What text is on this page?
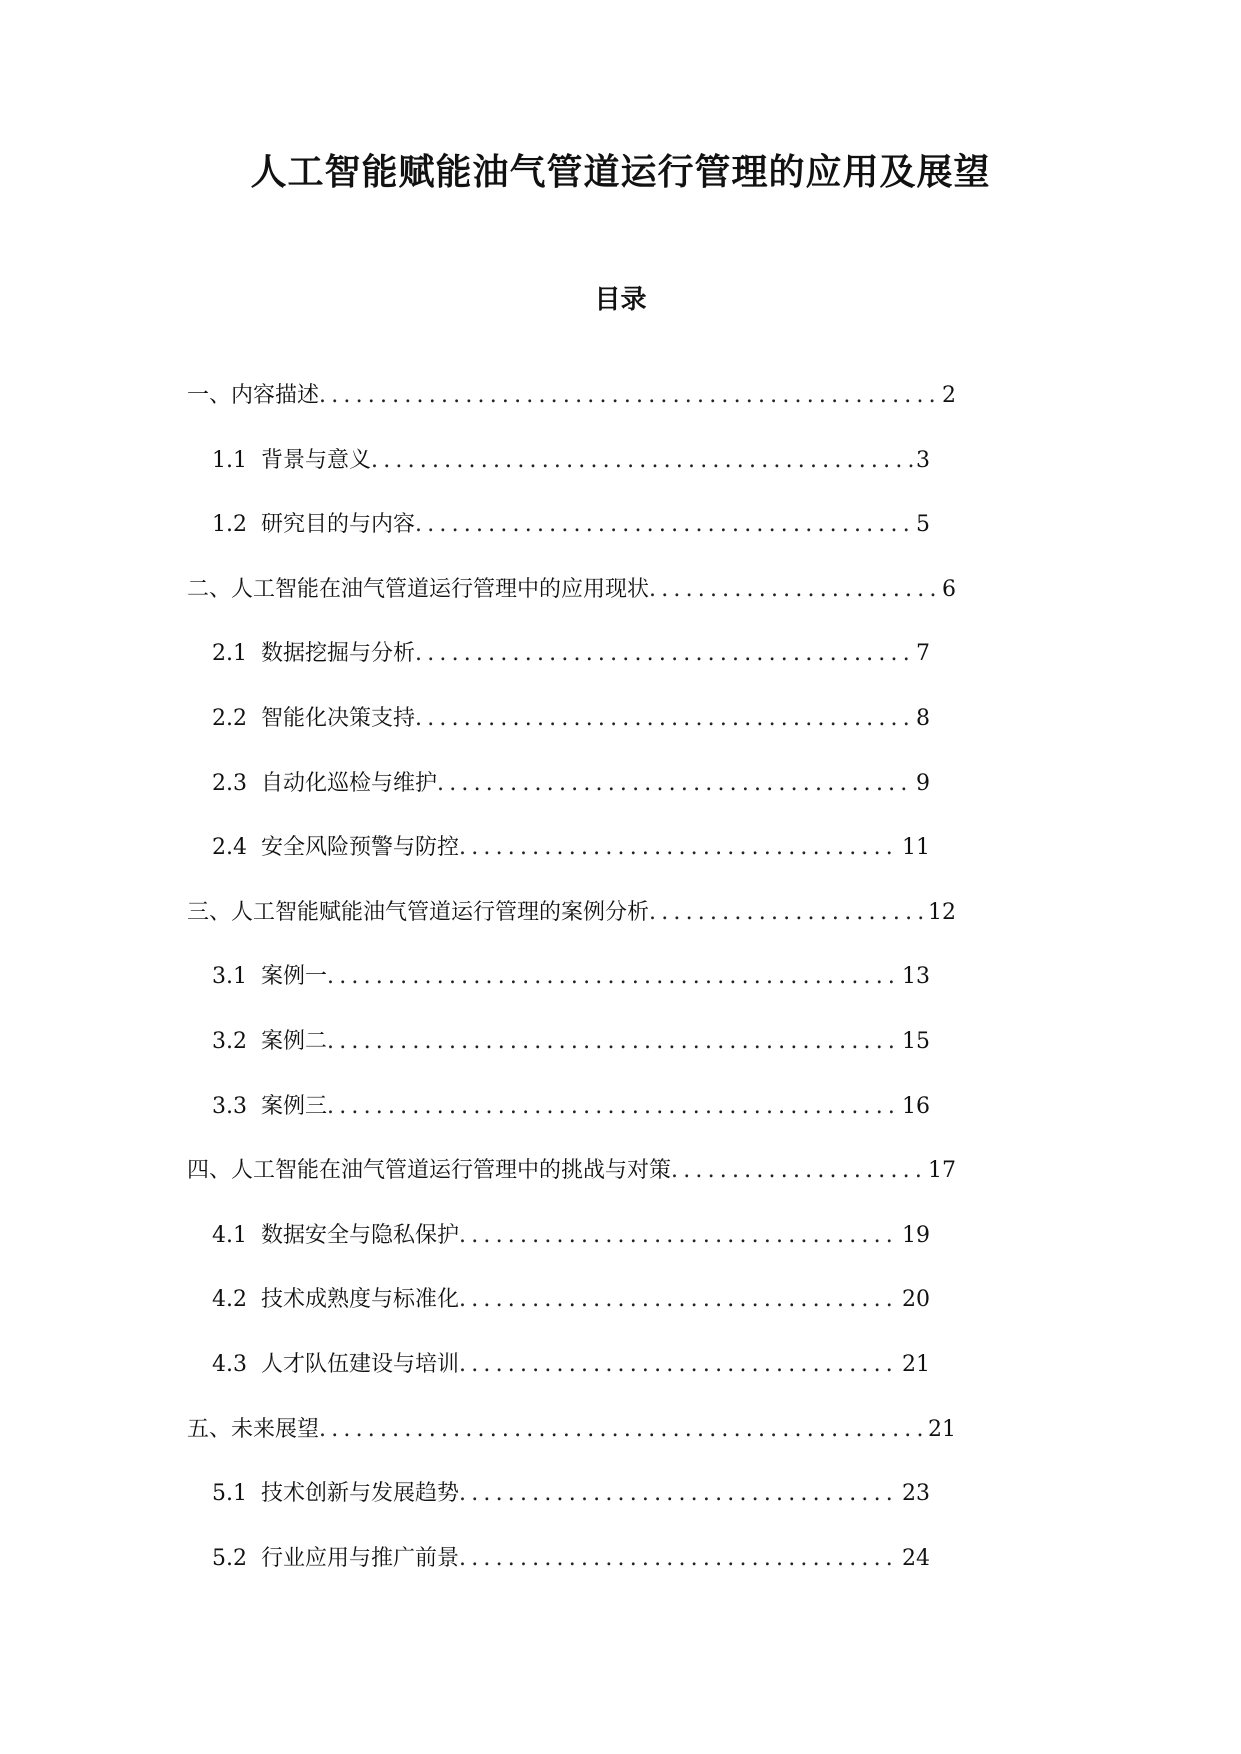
人工智能赋能油气管道运行管理的应用及展望
目录
一、内容描述 .....	2
1.1 背景与意义 .....	3
1.2 研究目的与内容 .....	5
二、人工智能在油气管道运行管理中的应用现状 .....	6
2.1 数据挖掘与分析 .....	7
2.2 智能化决策支持 .....	8
2.3 自动化巡检与维护 .....	9
2.4 安全风险预警与防控 .....	11
三、人工智能赋能油气管道运行管理的案例分析 .....	12
3.1 案例一 .....	13
3.2 案例二 .....	15
3.3 案例三 .....	16
四、人工智能在油气管道运行管理中的挑战与对策 .....	17
4.1 数据安全与隐私保护 .....	19
4.2 技术成熟度与标准化 .....	20
4.3 人才队伍建设与培训 .....	21
五、未来展望 .....	21
5.1 技术创新与发展趋势 .....	23
5.2 行业应用与推广前景 .....	24
